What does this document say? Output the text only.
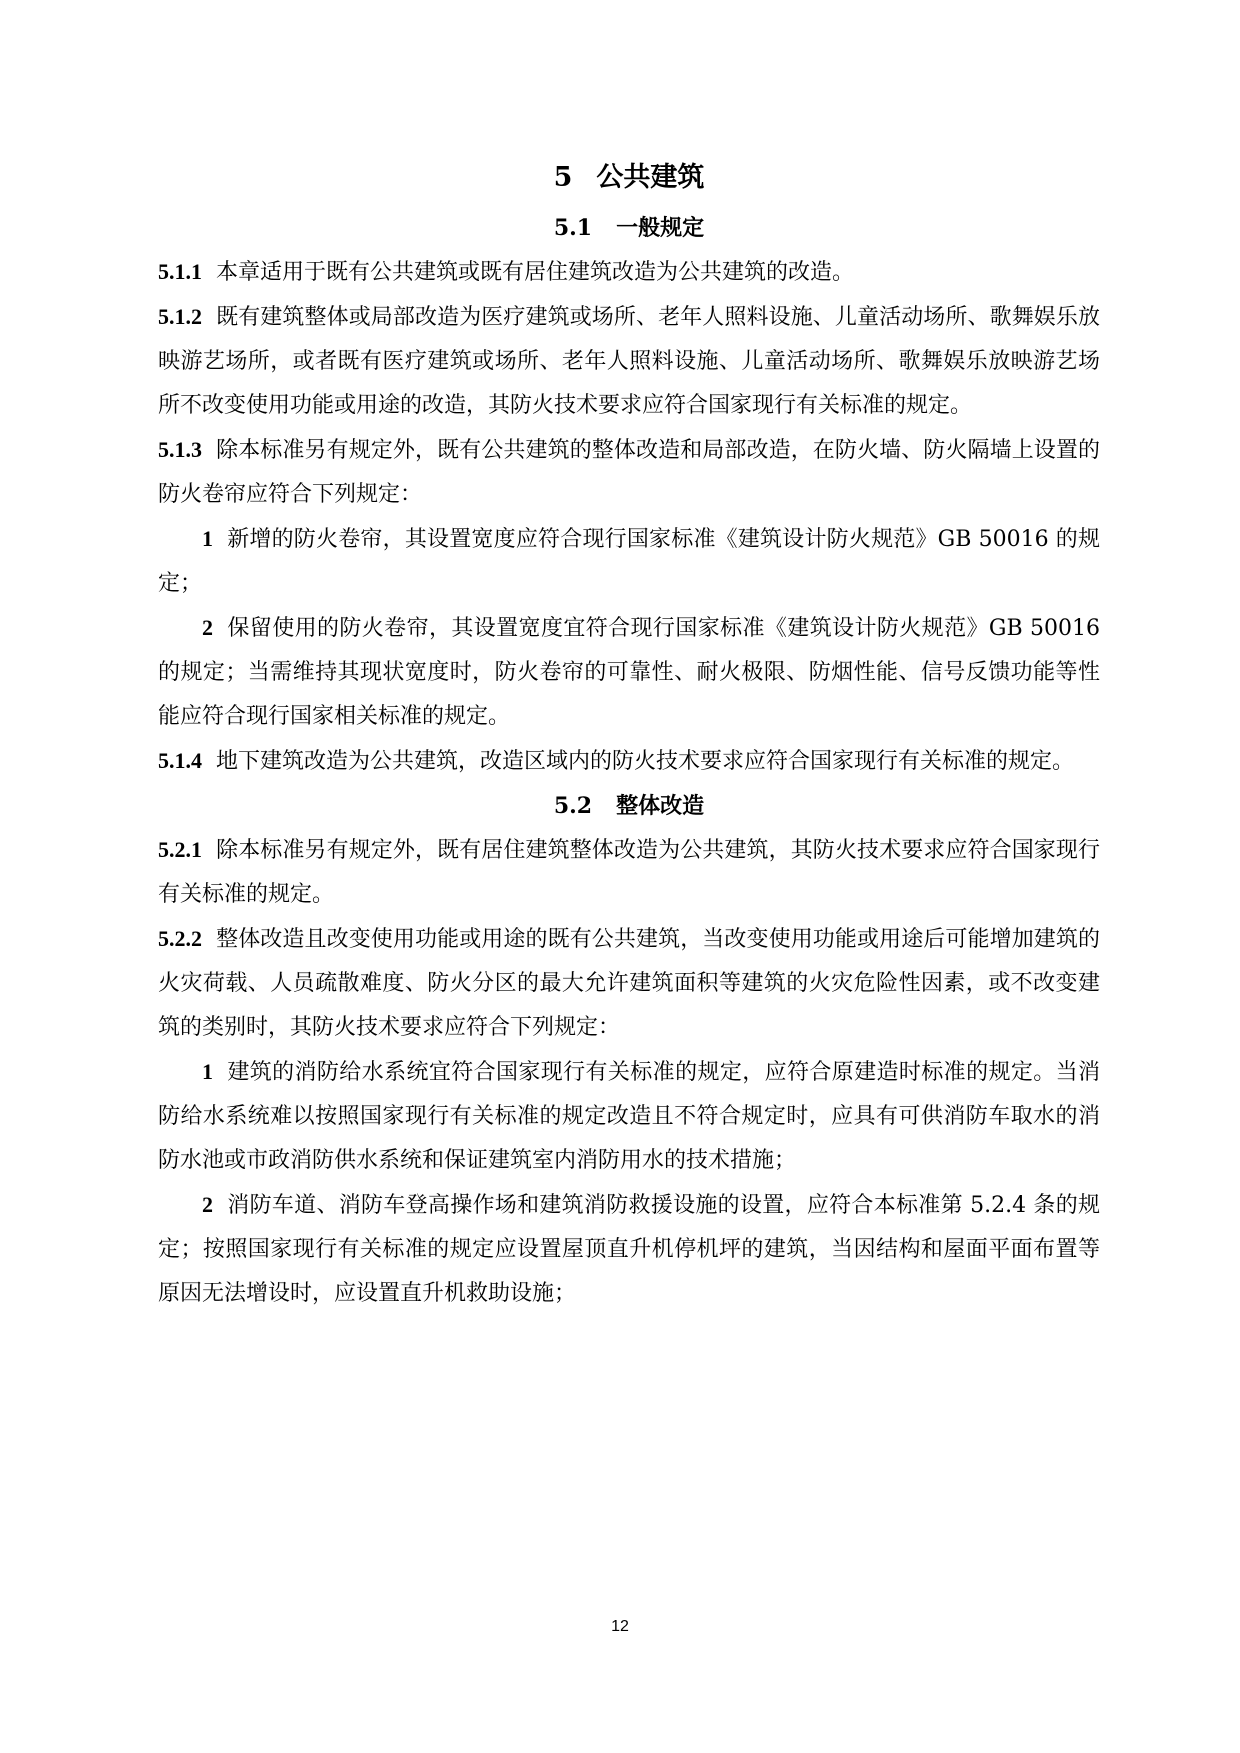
5 公共建筑
5.1 一般规定

5.1.1 本章适用于既有公共建筑或既有居住建筑改造为公共建筑的改造。

5.1.2 既有建筑整体或局部改造为医疗建筑或场所、老年人照料设施、儿童活动场所、歌舞娱乐放映游艺场所，或者既有医疗建筑或场所、老年人照料设施、儿童活动场所、歌舞娱乐放映游艺场所不改变使用功能或用途的改造，其防火技术要求应符合国家现行有关标准的规定。

5.1.3 除本标准另有规定外，既有公共建筑的整体改造和局部改造，在防火墙、防火隔墙上设置的防火卷帘应符合下列规定：

1 新增的防火卷帘，其设置宽度应符合现行国家标准《建筑设计防火规范》GB 50016 的规定；

2 保留使用的防火卷帘，其设置宽度宜符合现行国家标准《建筑设计防火规范》GB 50016 的规定；当需维持其现状宽度时，防火卷帘的可靠性、耐火极限、防烟性能、信号反馈功能等性能应符合现行国家相关标准的规定。

5.1.4 地下建筑改造为公共建筑，改造区域内的防火技术要求应符合国家现行有关标准的规定。

5.2 整体改造

5.2.1 除本标准另有规定外，既有居住建筑整体改造为公共建筑，其防火技术要求应符合国家现行有关标准的规定。

5.2.2 整体改造且改变使用功能或用途的既有公共建筑，当改变使用功能或用途后可能增加建筑的火灾荷载、人员疏散难度、防火分区的最大允许建筑面积等建筑的火灾危险性因素，或不改变建筑的类别时，其防火技术要求应符合下列规定：

1 建筑的消防给水系统宜符合国家现行有关标准的规定，应符合原建造时标准的规定。当消防给水系统难以按照国家现行有关标准的规定改造且不符合规定时，应具有可供消防车取水的消防水池或市政消防供水系统和保证建筑室内消防用水的技术措施；

2 消防车道、消防车登高操作场和建筑消防救援设施的设置，应符合本标准第 5.2.4 条的规定；按照国家现行有关标准的规定应设置屋顶直升机停机坪的建筑，当因结构和屋面平面布置等原因无法增设时，应设置直升机救助设施；

12
